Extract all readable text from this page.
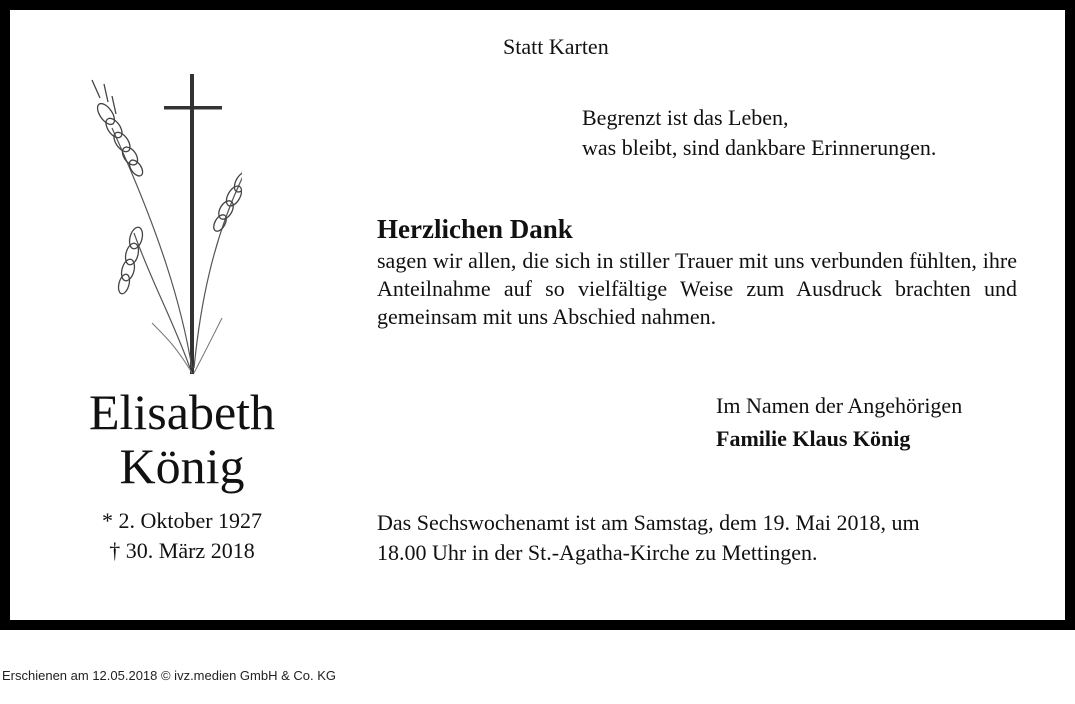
Statt Karten
Begrenzt ist das Leben,
was bleibt, sind dankbare Erinnerungen.
Herzlichen Dank
sagen wir allen, die sich in stiller Trauer mit uns verbunden fühlten, ihre Anteilnahme auf so vielfältige Weise zum Ausdruck brachten und gemeinsam mit uns Abschied nahmen.
Im Namen der Angehörigen
Familie Klaus König
Das Sechswochenamt ist am Samstag, dem 19. Mai 2018, um
18.00 Uhr in der St.-Agatha-Kirche zu Mettingen.
Elisabeth
König
* 2. Oktober 1927
† 30. März 2018
Erschienen am 12.05.2018 © ivz.medien GmbH & Co. KG
